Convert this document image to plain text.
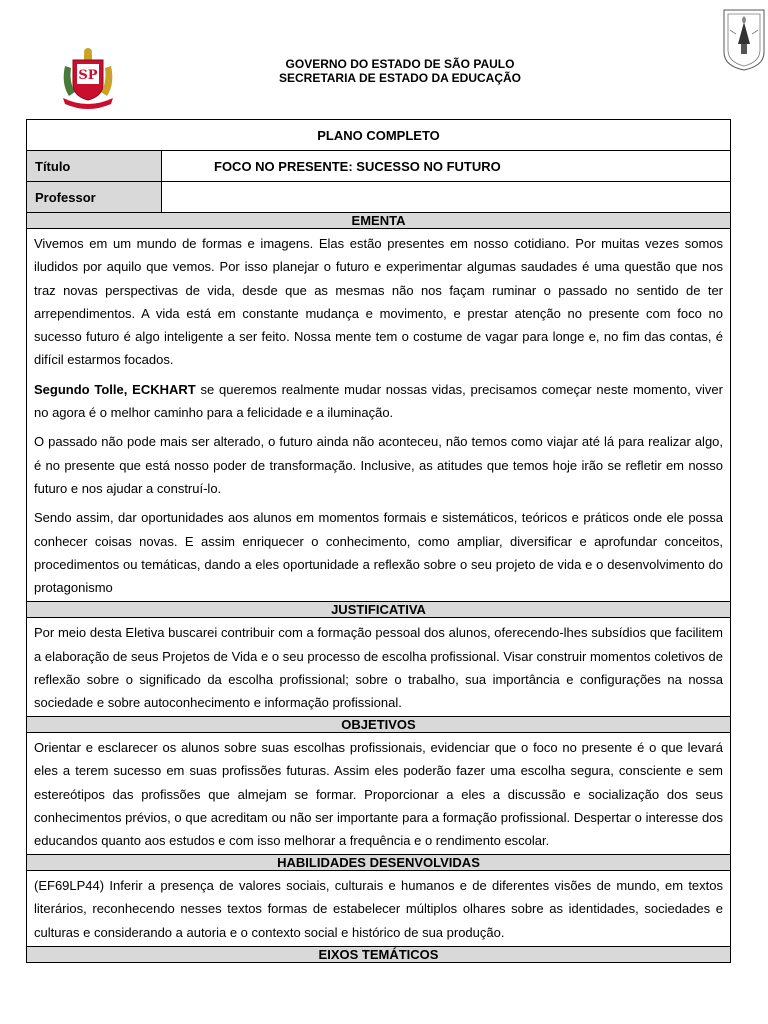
SP
GOVERNO DO ESTADO DE SÃO PAULO
SECRETARIA DE ESTADO DA EDUCAÇÃO
PLANO COMPLETO	
Título	FOCO NO PRESENTE: SUCESSO NO FUTURO
Professor	
EMENTA	

Vivemos em um mundo de formas e imagens. Elas estão presentes em nosso cotidiano. Por muitas vezes somos iludidos por aquilo que vemos. Por isso planejar o futuro e experimentar algumas saudades é uma questão que nos traz novas perspectivas de vida, desde que as mesmas não nos façam ruminar o passado no sentido de ter arrependimentos. A vida está em constante mudança e movimento, e prestar atenção no presente com foco no sucesso futuro é algo inteligente a ser feito. Nossa mente tem o costume de vagar para longe e, no fim das contas, é difícil estarmos focados.

Segundo Tolle, ECKHART se queremos realmente mudar nossas vidas, precisamos começar neste momento, viver no agora é o melhor caminho para a felicidade e a iluminação.

O passado não pode mais ser alterado, o futuro ainda não aconteceu, não temos como viajar até lá para realizar algo, é no presente que está nosso poder de transformação. Inclusive, as atitudes que temos hoje irão se refletir em nosso futuro e nos ajudar a construí-lo.

Sendo assim, dar oportunidades aos alunos em momentos formais e sistemáticos, teóricos e práticos onde ele possa conhecer coisas novas. E assim enriquecer o conhecimento, como ampliar, diversificar e aprofundar conceitos, procedimentos ou temáticas, dando a eles oportunidade a reflexão sobre o seu projeto de vida e o desenvolvimento do protagonismo	

JUSTIFICATIVA	

Por meio desta Eletiva buscarei contribuir com a formação pessoal dos alunos, oferecendo-lhes subsídios que facilitem a elaboração de seus Projetos de Vida e o seu processo de escolha profissional. Visar construir momentos coletivos de reflexão sobre o significado da escolha profissional; sobre o trabalho, sua importância e configurações na nossa sociedade e sobre autoconhecimento e informação profissional.	

OBJETIVOS	

Orientar e esclarecer os alunos sobre suas escolhas profissionais, evidenciar que o foco no presente é o que levará eles a terem sucesso em suas profissões futuras. Assim eles poderão fazer uma escolha segura, consciente e sem estereótipos das profissões que almejam se formar. Proporcionar a eles a discussão e socialização dos seus conhecimentos prévios, o que acreditam ou não ser importante para a formação profissional. Despertar o interesse dos educandos quanto aos estudos e com isso melhorar a frequência e o rendimento escolar.	

HABILIDADES DESENVOLVIDAS	

(EF69LP44) Inferir a presença de valores sociais, culturais e humanos e de diferentes visões de mundo, em textos literários, reconhecendo nesses textos formas de estabelecer múltiplos olhares sobre as identidades, sociedades e culturas e considerando a autoria e o contexto social e histórico de sua produção.	

EIXOS TEMÁTICOS	
